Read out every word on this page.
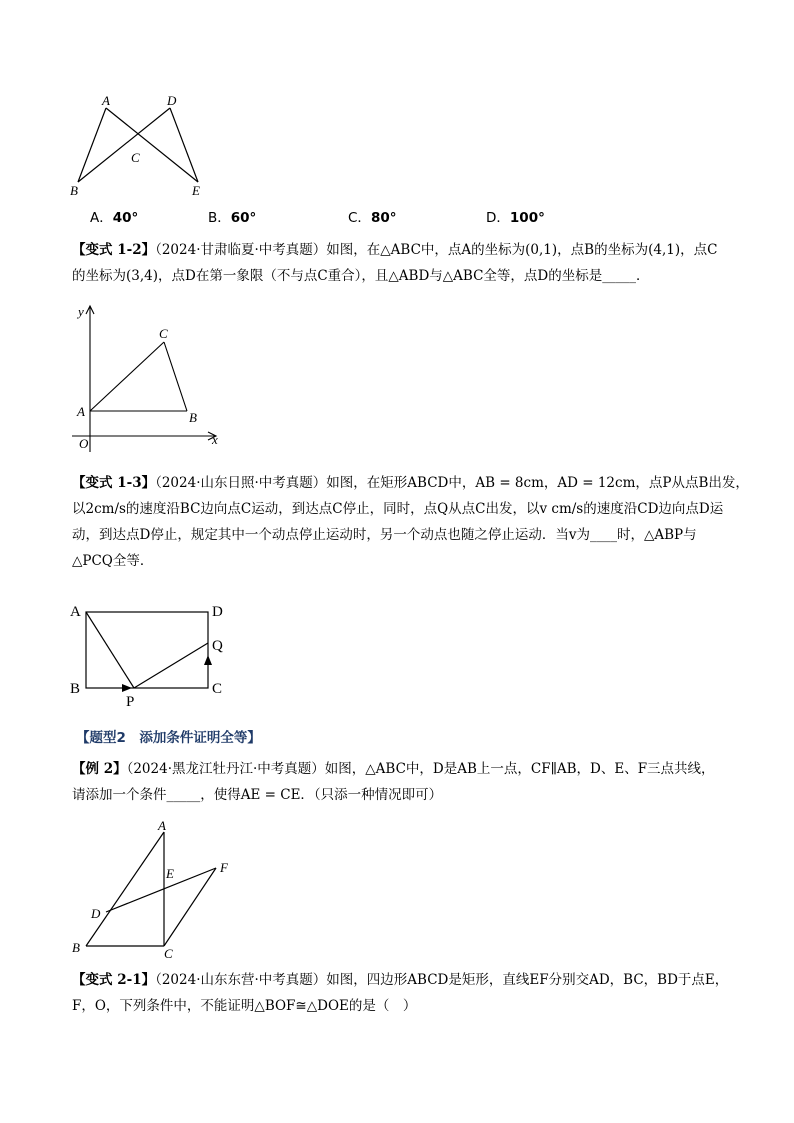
A	D
C
B	E
A．40°	B．60°	C．80°	D．100°
【变式 1-2】（2024·甘肃临夏·中考真题）如图，在△ABC中，点A的坐标为(0,1)，点B的坐标为(4,1)，点C
的坐标为(3,4)，点D在第一象限（不与点C重合），且△ABD与△ABC全等，点D的坐标是_____．
y
x
O
A	B
C
【变式 1-3】（2024·山东日照·中考真题）如图，在矩形ABCD中，AB = 8cm，AD = 12cm，点P从点B出发，
以2cm/s的速度沿BC边向点C运动，到达点C停止，同时，点Q从点C出发，以v cm/s的速度沿CD边向点D运
动，到达点D停止，规定其中一个动点停止运动时，另一个动点也随之停止运动．当v为____时，△ABP与
△PCQ全等．
A	D
Q
B
P
C
【题型2　添加条件证明全等】
【例 2】（2024·黑龙江牡丹江·中考真题）如图，△ABC中，D是AB上一点，CF∥AB，D、E、F三点共线，
请添加一个条件_____，使得AE = CE．（只添一种情况即可）
A
E	F
D
B	C
【变式 2-1】（2024·山东东营·中考真题）如图，四边形ABCD是矩形，直线EF分别交AD，BC，BD于点E，
F，O，下列条件中，不能证明△BOF≅△DOE的是（　）
